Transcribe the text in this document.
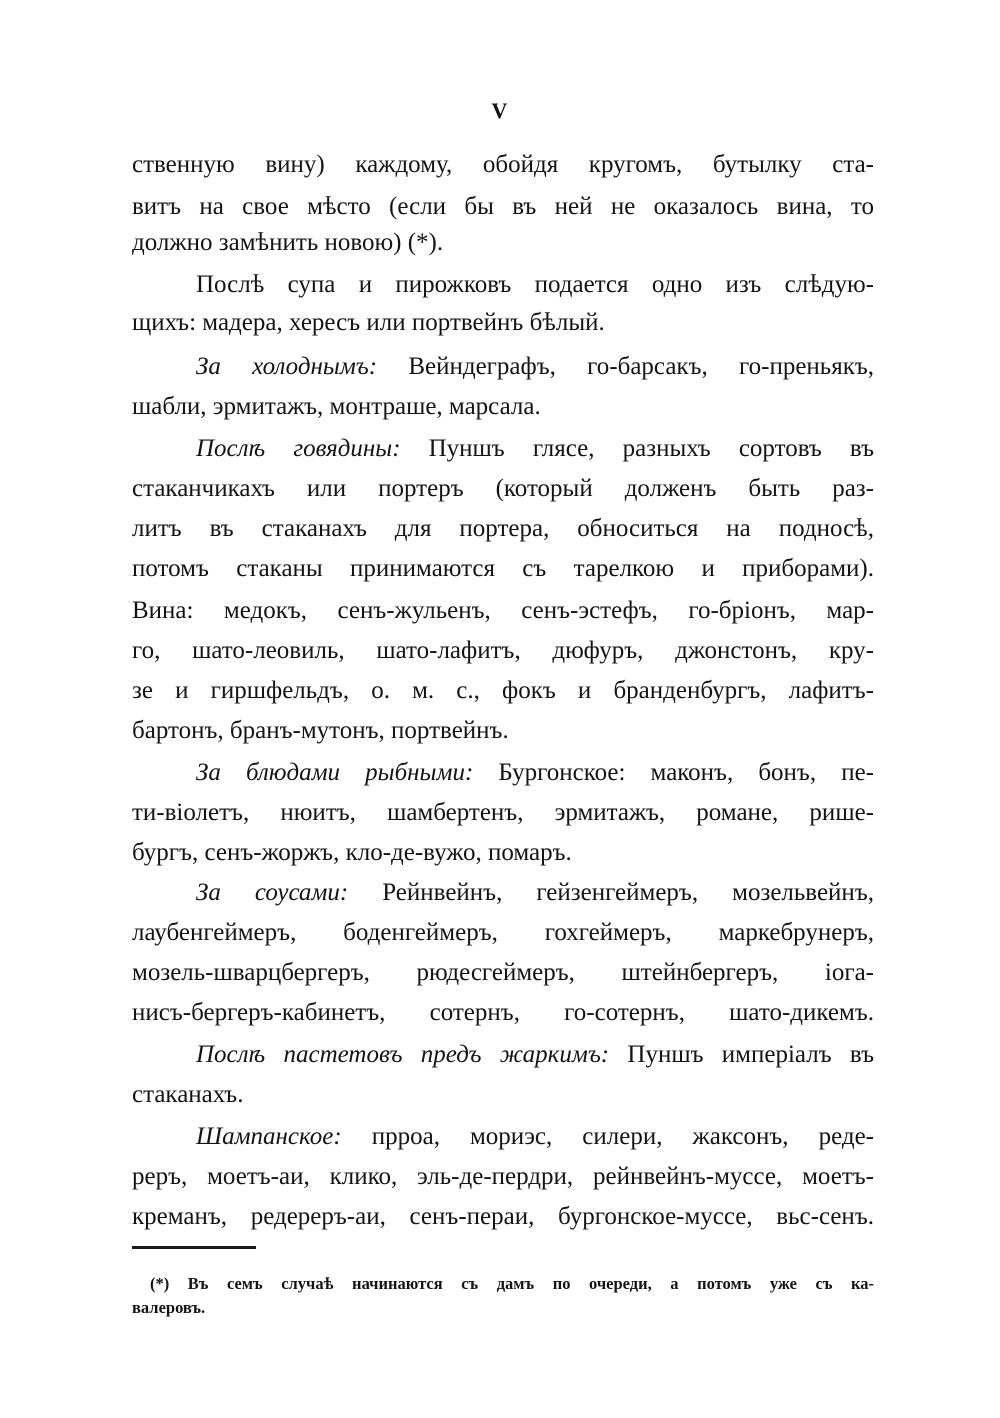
V
ственную вину) каждому, обойдя кругомъ, бутылку ста-
витъ на свое мѣсто (если бы въ ней не оказалось вина, то
должно замѣнить новою) (*).
Послѣ супа и пирожковъ подается одно изъ слѣдую-
щихъ: мадера, хересъ или портвейнъ бѣлый.
За холоднымъ: Вейндеграфъ, го-барсакъ, го-преньякъ,
шабли, эрмитажъ, монтраше, марсала.
Послѣ говядины: Пуншъ глясе, разныхъ сортовъ въ
стаканчикахъ или портеръ (который долженъ быть раз-
литъ въ стаканахъ для портера, обноситься на подносѣ,
потомъ стаканы принимаются съ тарелкою и приборами).
Вина: медокъ, сенъ-жульенъ, сенъ-эстефъ, го-бріонъ, мар-
го, шато-леовиль, шато-лафитъ, дюфуръ, джонстонъ, кру-
зе и гиршфельдъ, о. м. с., фокъ и бранденбургъ, лафитъ-
бартонъ, бранъ-мутонъ, портвейнъ.
За блюдами рыбными: Бургонское: маконъ, бонъ, пе-
ти-віолетъ, нюитъ, шамбертенъ, эрмитажъ, романе, рише-
бургъ, сенъ-жоржъ, кло-де-вужо, помаръ.
За соусами: Рейнвейнъ, гейзенгеймеръ, мозельвейнъ,
лаубенгеймеръ, боденгеймеръ, гохгеймеръ, маркебрунеръ,
мозель-шварцбергеръ, рюдесгеймеръ, штейнбергеръ, іога-
нисъ-бергеръ-кабинетъ, сотернъ, го-сотернъ, шато-дикемъ.
Послѣ пастетовъ предъ жаркимъ: Пуншъ имперіалъ въ
стаканахъ.
Шампанское: прроа, мориэс, силери, жаксонъ, реде-
реръ, моетъ-аи, клико, эль-де-пердри, рейнвейнъ-муссе, моетъ-
креманъ, редереръ-аи, сенъ-пераи, бургонское-муссе, вьс-сенъ.
(*) Въ семъ случаѣ начинаются съ дамъ по очереди, а потомъ уже съ ка-
валеровъ.
